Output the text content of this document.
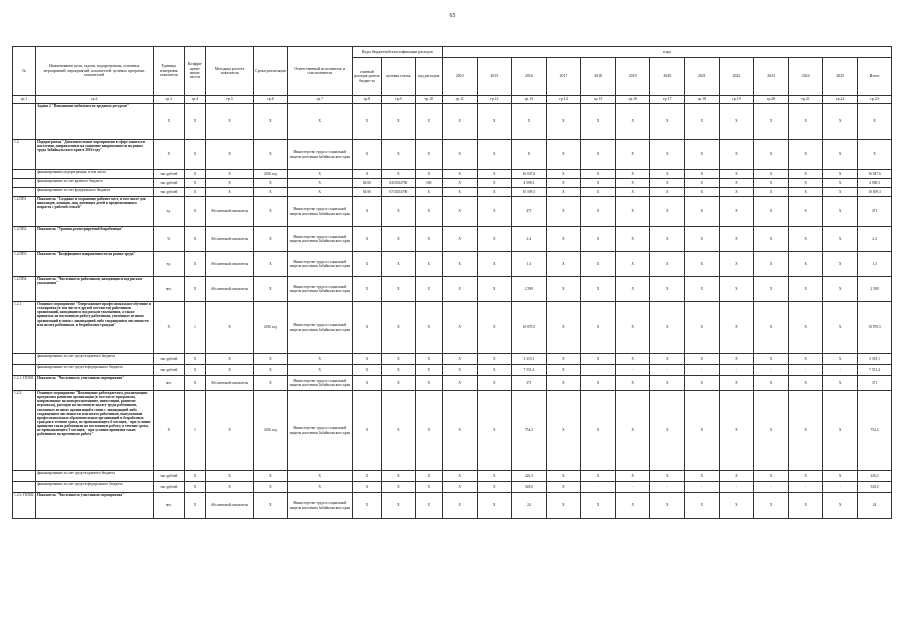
65
№	Наименование цели, задачи, подпрограммы, основных мероприятий, мероприятий, показателей, целевых программ, показателей	Единица измерения показателя	Коэффи-циент значи-мости	Методика расчета показателя	Сроки реализации	Ответственный исполнитель и соисполнители	Коды бюджетной классификации расходов			годы												
							главный распоря-дитель бюдже-та	целевая статья	код расходов	2010	2015	2016	2017	2018	2019	2020	2021	2022	2023	2024	2025	Итого
гр.1	гр.2	гр.3	гр.4	гр.5	гр.6	гр.7	гр.8	гр.9	гр.10	гр.11	гр.12	гр.13	гр.14	гр.15	гр.16	гр.17	гр.18	гр.19	гр.20	гр.21	гр.22	гр.23
	Задача 2 "Повышение мобильности трудовых ресурсов"	X	X	X	X	X	X	X	X	X	X	X	X	X	X	X	X	X	X	X	X	X
1.2.	Подпрограмма "Дополнительные мероприятия в сфере занятости населения, направленные на снижение напряженности на рынке труда Забайкальского края в 2016 году"	X	X	X	X	Министерство труда и социальной защиты населения Забайкальского края	X	X	X	X	X	X	X	X	X	X	X	X	X	X	X	X
	финансирование подпрограммы, в том числе:	тыс.рублей	X	X	2016 год	X	X	X	X	X	X	16 047,6	X	X	X	X	X	X	X	X	X	16 047,6
	финансирование за счет краевого бюджета	тыс.рублей	X	X	X	X	04 06	0410354700	500	X	X	4 598,3	X	X	X	X	X	X	X	X	X	4 598,3
	финансирование за счет федерального бюджета	тыс.рублей	X	X	X	X	04 06	0710254700	X	X	X	10 509,3	X	X	X	X	X	X	X	X	X	10 509,3
1.2.ПП1	Показатель "Создание и сохранение рабочих мест, в том числе для инвалидов, женщин, лиц, имеющих детей и предпенсионного возраста с рабочей семьей"	ед.	X	Абсолютный показатель	X	Министерство труда и социальной защиты населения Забайкальского края	X	X	X	X	X	471	X	X	X	X	X	X	X	X	X	471
1.2.ПП2	Показатель "Уровень регистрируемой безработицы"	%	X	Абсолютный показатель	X	Министерство труда и социальной защиты населения Забайкальского края	X	X	X	X	X	2,4	X	X	X	X	X	X	X	X	X	2,4
1.2.ПП3	Показатель "Коэффициент напряженности на рынке труда"	ед.	X	Абсолютный показатель	X	Министерство труда и социальной защиты населения Забайкальского края	X	X	X	X	X	1,3	X	X	X	X	X	X	X	X	X	1,3
1.2.ПП4	Показатель "Численность работников, находящихся под риском увольнения"	чел.	X	Абсолютный показатель	X	Министерство труда и социальной защиты населения Забайкальского края	X	X	X	X	X	2 589	X	X	X	X	X	X	X	X	X	2 589
1.2.1.	Основное мероприятие "Опережающее профессиональное обучение и стажировка (в том числе в другой местности) работников организаций, находящихся под риском увольнения, а также принятых на постоянную работу работников, уволенных из иных организаций в связи с ликвидацией либо сокращением численности или штата работников, и безработных граждан"	X	1	X	2016 год	Министерство труда и социальной защиты населения Забайкальского края	X	X	X	X	X	10 870,5	X	X	X	X	X	X	X	X	X	10 870,5
	финансирование за счет средств краевого бюджета	тыс.рублей	X	X	X	X	X	X	X	X	X	3 319,1	X	X	X	X	X	X	X	X	X	3 319,1
	финансирование за счет средств федерального бюджета	тыс.рублей	X	X	X	X	X	X	X	X	X	7 551,4	X	-	-	-	-	-	-	-	-	7 551,4
1.2.1.-ПОМ1	Показатель "Численность участников мероприятия"	чел.	X	Абсолютный показатель	X	Министерство труда и социальной защиты населения Забайкальского края	X	X	X	X	X	371	X	X	X	X	X	X	X	X	X	371
1.2.2.	Основное мероприятие "Возмещение работодателям, реализующим программы развития организации (в том числе программы, направленные на импортозамещение, инвестиции, развитие персонала), расходов на частичную оплату труда работников, уволенных из иных организаций в связи с ликвидацией либо сокращением численности или штата работников, выпускников профессиональных образовательных организаций и безработных граждан в течение срока, не превышающего 6 месяцев, - при условии принятия таких работников на постоянную работу; в течение срока, не превышающего 3 месяцев, - при условии принятия таких работников на временную работу"	X	1	X	2016 год	Министерство труда и социальной защиты населения Забайкальского края	X	X	X	X	X	754,3	X	X	X	X	X	X	X	X	X	754,3
	финансирование за счет средств краевого бюджета	тыс.рублей	X	X	X	X	X	X	X	X	X	226,3	X	X	X	X	X	X	X	X	X	226,3
	финансирование за счет средств федерального бюджета	тыс.рублей	X	X	X	X	X	X	X	X	X	528,0	X	-	-	-	-	-	-	-	-	528,0
1.2.2.-ПОМ2	Показатель "Численность участников мероприятия"	чел.	X	Абсолютный показатель	X	Министерство труда и социальной защиты населения Забайкальского края	X	X	X	X	X	24	X	X	X	X	X	X	X	X	X	24
